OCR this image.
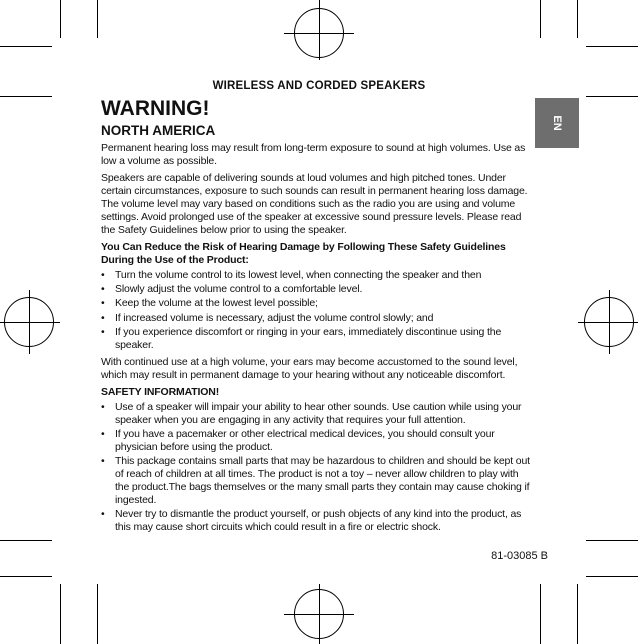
WIRELESS AND CORDED SPEAKERS
EN
WARNING!
NORTH AMERICA

Permanent hearing loss may result from long-term exposure to sound at high volumes. Use as low a volume as possible.

Speakers are capable of delivering sounds at loud volumes and high pitched tones. Under certain circumstances, exposure to such sounds can result in permanent hearing loss damage. The volume level may vary based on conditions such as the radio you are using and volume settings. Avoid prolonged use of the speaker at excessive sound pressure levels. Please read the Safety Guidelines below prior to using the speaker.

You Can Reduce the Risk of Hearing Damage by Following These Safety Guidelines During the Use of the Product:

• Turn the volume control to its lowest level, when connecting the speaker and then
• Slowly adjust the volume control to a comfortable level.
• Keep the volume at the lowest level possible;
• If increased volume is necessary, adjust the volume control slowly; and
• If you experience discomfort or ringing in your ears, immediately discontinue using the speaker.

With continued use at a high volume, your ears may become accustomed to the sound level, which may result in permanent damage to your hearing without any noticeable discomfort.

SAFETY INFORMATION!

• Use of a speaker will impair your ability to hear other sounds. Use caution while using your speaker when you are engaging in any activity that requires your full attention.
• If you have a pacemaker or other electrical medical devices, you should consult your physician before using the product.
• This package contains small parts that may be hazardous to children and should be kept out of reach of children at all times. The product is not a toy – never allow children to play with the product.The bags themselves or the many small parts they contain may cause choking if ingested.
• Never try to dismantle the product yourself, or push objects of any kind into the product, as this may cause short circuits which could result in a fire or electric shock.
81-03085 B
